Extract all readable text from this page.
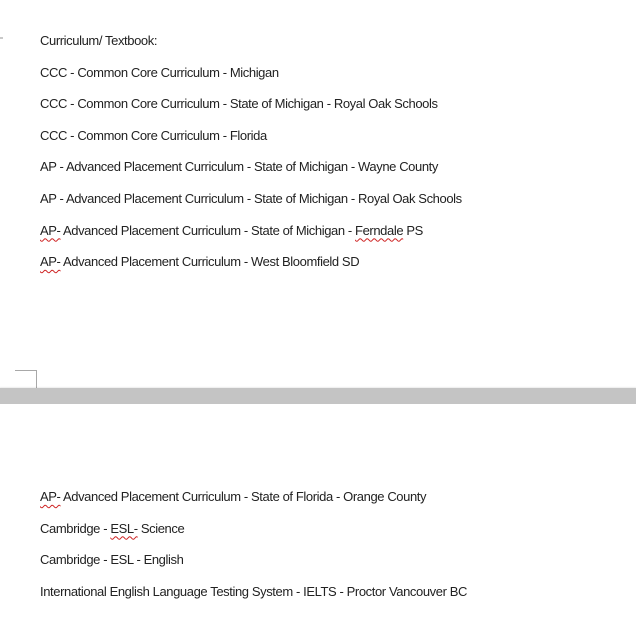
Curriculum/ Textbook:

CCC - Common Core Curriculum - Michigan

CCC - Common Core Curriculum - State of Michigan - Royal Oak Schools

CCC - Common Core Curriculum - Florida

AP - Advanced Placement Curriculum - State of Michigan - Wayne County

AP - Advanced Placement Curriculum - State of Michigan - Royal Oak Schools

AP- Advanced Placement Curriculum - State of Michigan - Ferndale PS

AP- Advanced Placement Curriculum - West Bloomfield SD

AP- Advanced Placement Curriculum - State of Florida - Orange County

Cambridge - ESL- Science

Cambridge - ESL - English

International English Language Testing System - IELTS - Proctor Vancouver BC
